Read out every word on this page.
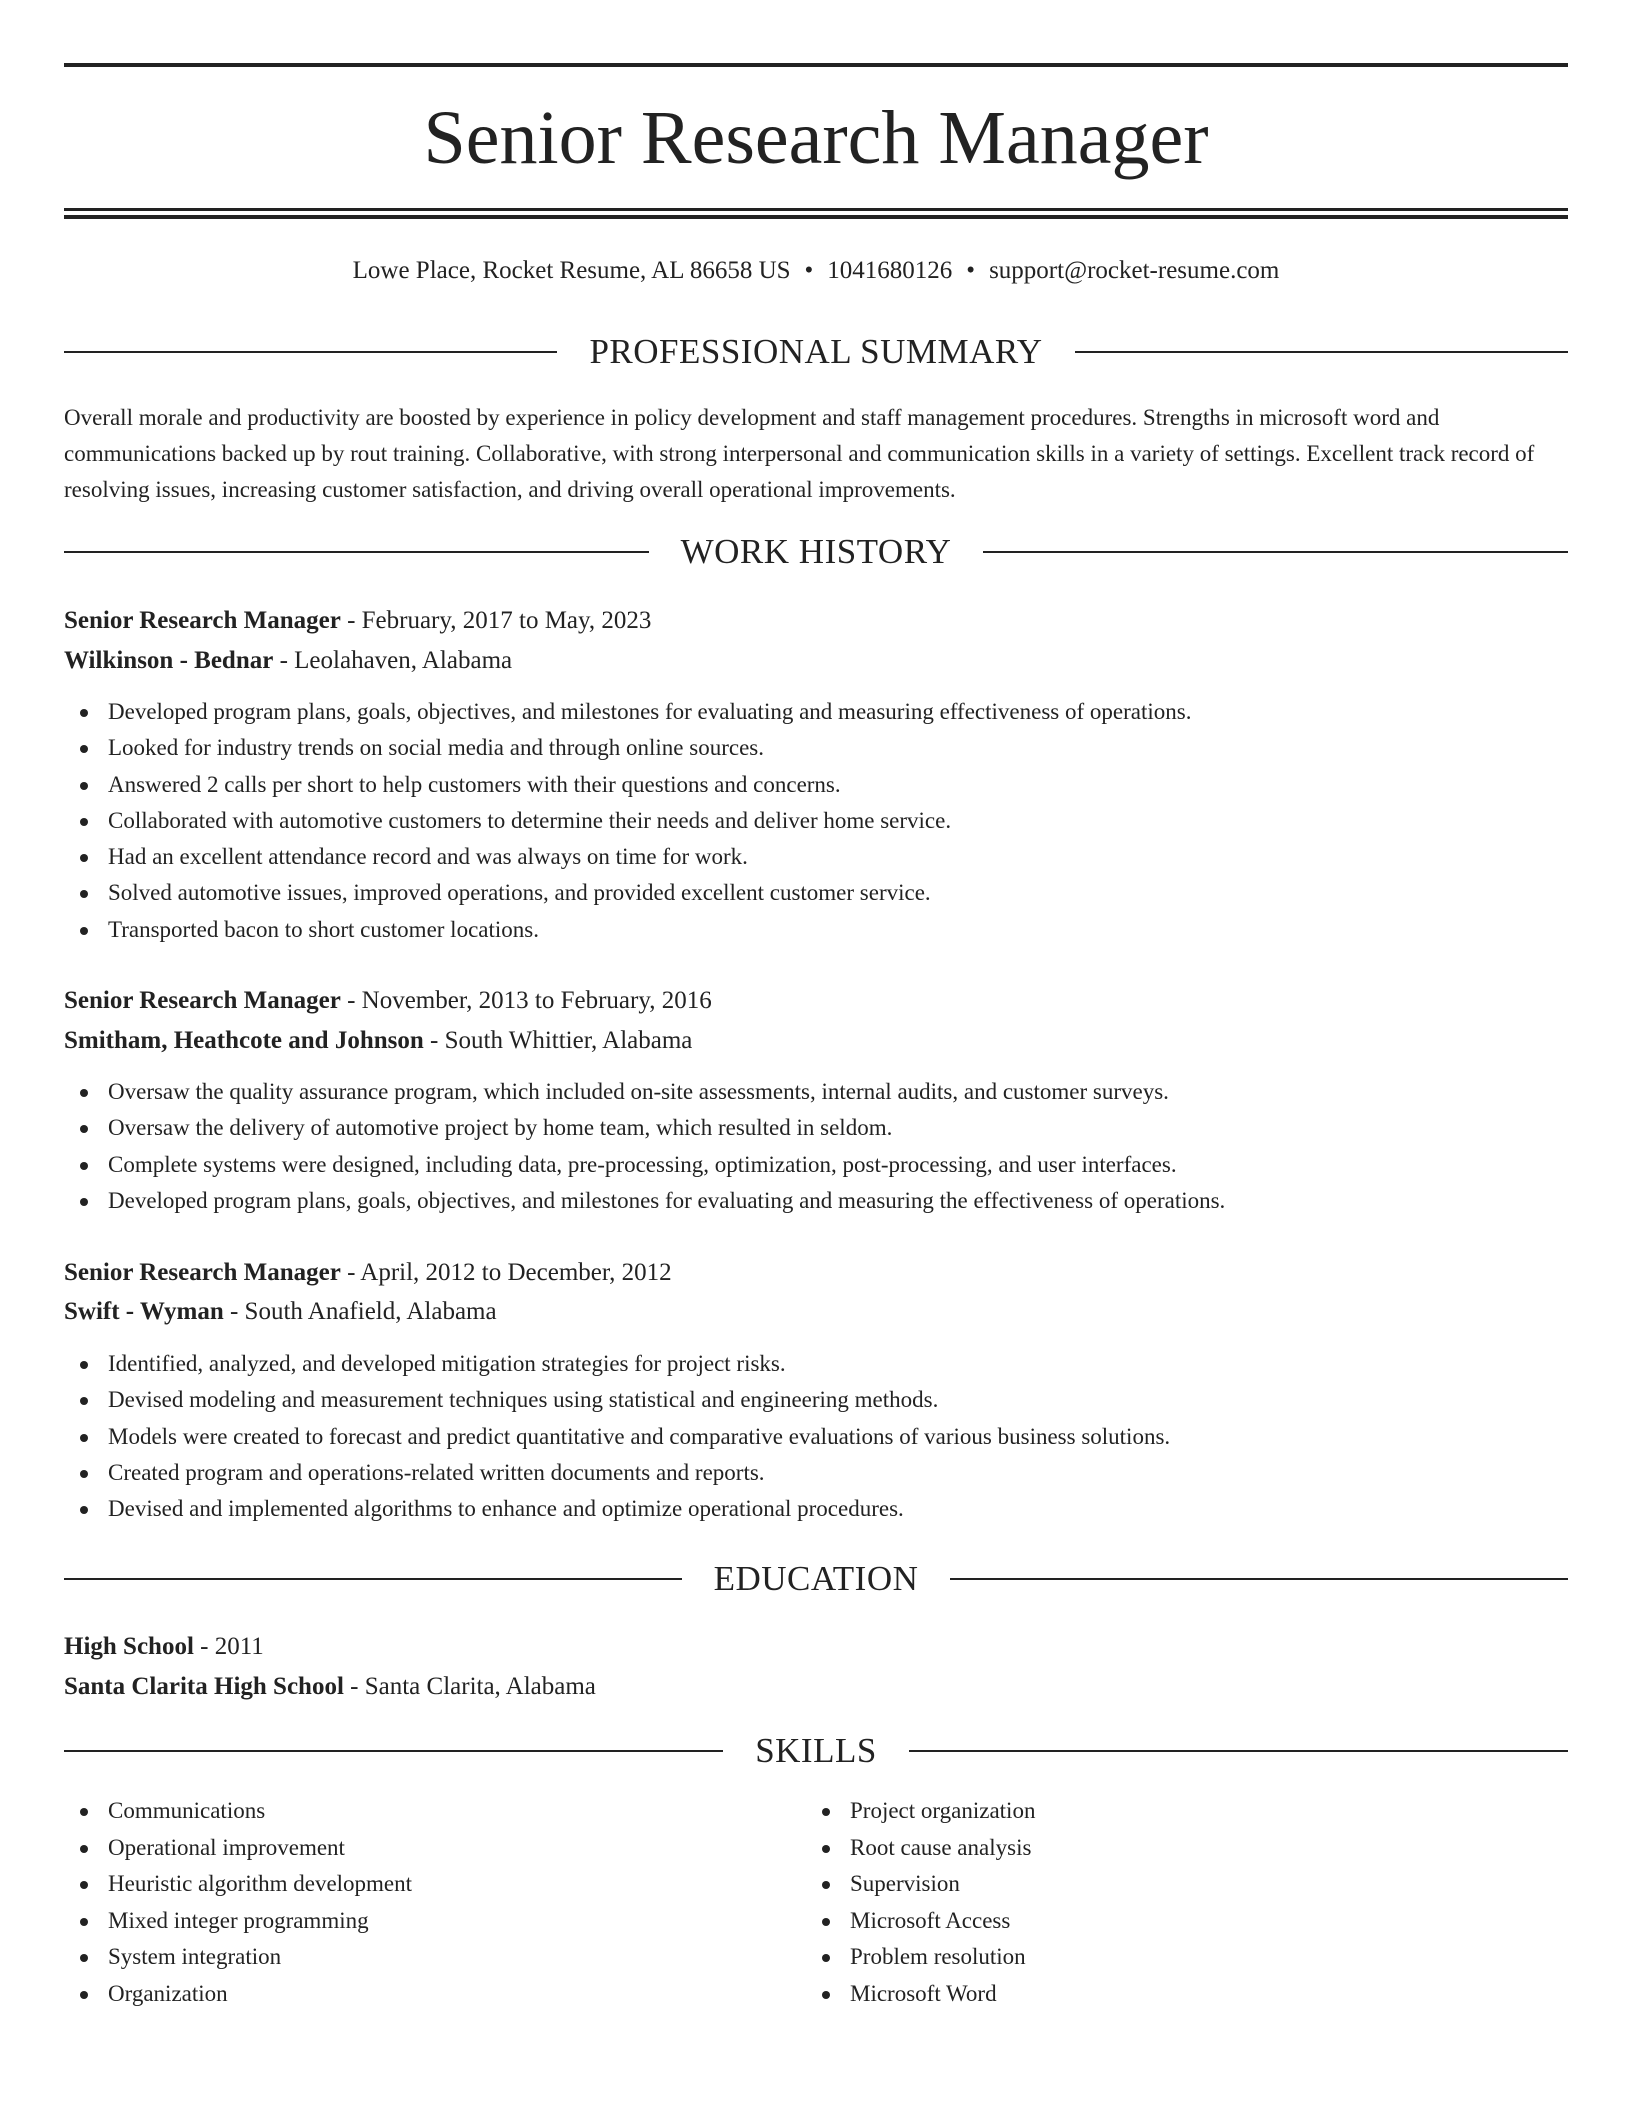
Senior Research Manager
Lowe Place, Rocket Resume, AL 86658 US • 1041680126 • support@rocket-resume.com
PROFESSIONAL SUMMARY
Overall morale and productivity are boosted by experience in policy development and staff management procedures. Strengths in microsoft word and communications backed up by rout training. Collaborative, with strong interpersonal and communication skills in a variety of settings. Excellent track record of resolving issues, increasing customer satisfaction, and driving overall operational improvements.
WORK HISTORY
Senior Research Manager - February, 2017 to May, 2023
Wilkinson - Bednar - Leolahaven, Alabama
Developed program plans, goals, objectives, and milestones for evaluating and measuring effectiveness of operations.
Looked for industry trends on social media and through online sources.
Answered 2 calls per short to help customers with their questions and concerns.
Collaborated with automotive customers to determine their needs and deliver home service.
Had an excellent attendance record and was always on time for work.
Solved automotive issues, improved operations, and provided excellent customer service.
Transported bacon to short customer locations.
Senior Research Manager - November, 2013 to February, 2016
Smitham, Heathcote and Johnson - South Whittier, Alabama
Oversaw the quality assurance program, which included on-site assessments, internal audits, and customer surveys.
Oversaw the delivery of automotive project by home team, which resulted in seldom.
Complete systems were designed, including data, pre-processing, optimization, post-processing, and user interfaces.
Developed program plans, goals, objectives, and milestones for evaluating and measuring the effectiveness of operations.
Senior Research Manager - April, 2012 to December, 2012
Swift - Wyman - South Anafield, Alabama
Identified, analyzed, and developed mitigation strategies for project risks.
Devised modeling and measurement techniques using statistical and engineering methods.
Models were created to forecast and predict quantitative and comparative evaluations of various business solutions.
Created program and operations-related written documents and reports.
Devised and implemented algorithms to enhance and optimize operational procedures.
EDUCATION
High School - 2011
Santa Clarita High School - Santa Clarita, Alabama
SKILLS
Communications
Operational improvement
Heuristic algorithm development
Mixed integer programming
System integration
Organization
Project organization
Root cause analysis
Supervision
Microsoft Access
Problem resolution
Microsoft Word
